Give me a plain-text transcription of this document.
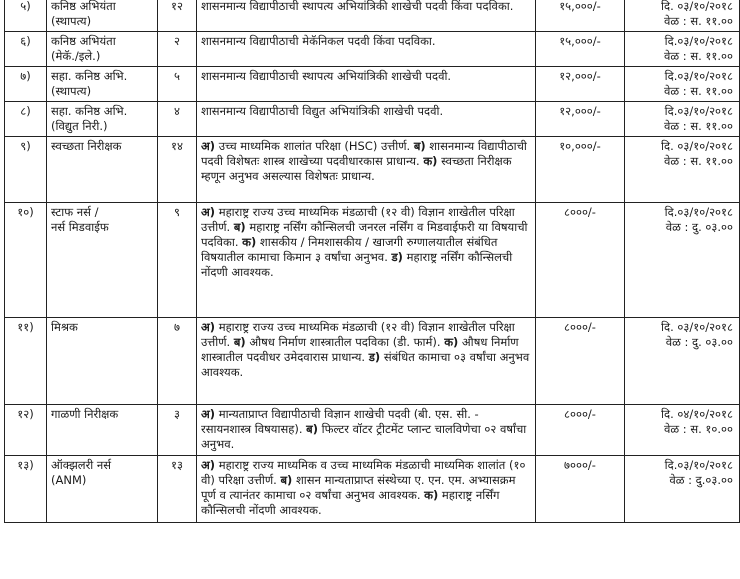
५)	कनिष्ठ अभियंता
(स्थापत्य)	१२	शासनमान्य विद्यापीठाची स्थापत्य अभियांत्रिकी शाखेची पदवी किंवा पदविका.	१५,०००/-	दि. ०३/१०/२०१८
वेळ : स. ११.००

६)	कनिष्ठ अभियंता
(मेकॅ./इले.)	२	शासनमान्य विद्यापीठाची मेकॅनिकल पदवी किंवा पदविका.	१५,०००/-	दि.०३/१०/२०१८
वेळ : स. ११.००

७)	सहा. कनिष्ठ अभि.
(स्थापत्य)	५	शासनमान्य विद्यापीठाची स्थापत्य अभियांत्रिकी शाखेची पदवी.	१२,०००/-	दि.०३/१०/२०१८
वेळ : स. ११.००

८)	सहा. कनिष्ठ अभि.
(विद्युत निरी.)	४	शासनमान्य विद्यापीठाची विद्युत अभियांत्रिकी शाखेची पदवी.	१२,०००/-	दि.०३/१०/२०१८
वेळ : स. ११.००

९)	स्वच्छता निरीक्षक	१४	अ) उच्च माध्यमिक शालांत परिक्षा (HSC) उत्तीर्ण. ब) शासनमान्य विद्यापीठाची पदवी विशेषतः शास्त्र शाखेच्या पदवीधारकास प्राधान्य. क) स्वच्छता निरीक्षक म्हणून अनुभव असल्यास विशेषतः प्राधान्य.	१०,०००/-	दि. ०३/१०/२०१८
वेळ : स. ११.००

१०)	स्टाफ नर्स /
नर्स मिडवाईफ	९	अ) महाराष्ट्र राज्य उच्च माध्यमिक मंडळाची (१२ वी) विज्ञान शाखेतील परिक्षा उत्तीर्ण. ब) महाराष्ट्र नर्सिंग कौन्सिलची जनरल नर्सिंग व मिडवाईफरी या विषयाची पदविका. क) शासकीय / निमशासकीय / खाजगी रुग्णालयातील संबंधित विषयातील कामाचा किमान ३ वर्षांचा अनुभव. ड) महाराष्ट्र नर्सिंग कौन्सिलची नोंदणी आवश्यक.	८०००/-	दि.०३/१०/२०१८
वेळ : दु. ०३.००

११)	मिश्रक	७	अ) महाराष्ट्र राज्य उच्च माध्यमिक मंडळाची (१२ वी) विज्ञान शाखेतील परिक्षा उत्तीर्ण. ब) औषध निर्माण शास्त्रातील पदविका (डी. फार्म). क) औषध निर्माण शास्त्रातील पदवीधर उमेदवारास प्राधान्य. ड) संबंधित कामाचा ०३ वर्षांचा अनुभव आवश्यक.	८०००/-	दि. ०३/१०/२०१८
वेळ : दु. ०३.००

१२)	गाळणी निरीक्षक	३	अ) मान्यताप्राप्त विद्यापीठाची विज्ञान शाखेची पदवी (बी. एस. सी. - रसायनशास्त्र विषयासह). ब) फिल्टर वॉटर ट्रीटमेंट प्लान्ट चालविणेचा ०२ वर्षांचा अनुभव.	८०००/-	दि. ०४/१०/२०१८
वेळ : स. १०.००

१३)	ऑक्झलरी नर्स
(ANM)	१३	अ) महाराष्ट्र राज्य माध्यमिक व उच्च माध्यमिक मंडळाची माध्यमिक शालांत (१० वी) परिक्षा उत्तीर्ण. ब) शासन मान्यताप्राप्त संस्थेच्या ए. एन. एम. अभ्यासक्रम पूर्ण व त्यानंतर कामाचा ०२ वर्षांचा अनुभव आवश्यक. क) महाराष्ट्र नर्सिंग कौन्सिलची नोंदणी आवश्यक.	७०००/-	दि.०३/१०/२०१८
वेळ : दु.०३.००
